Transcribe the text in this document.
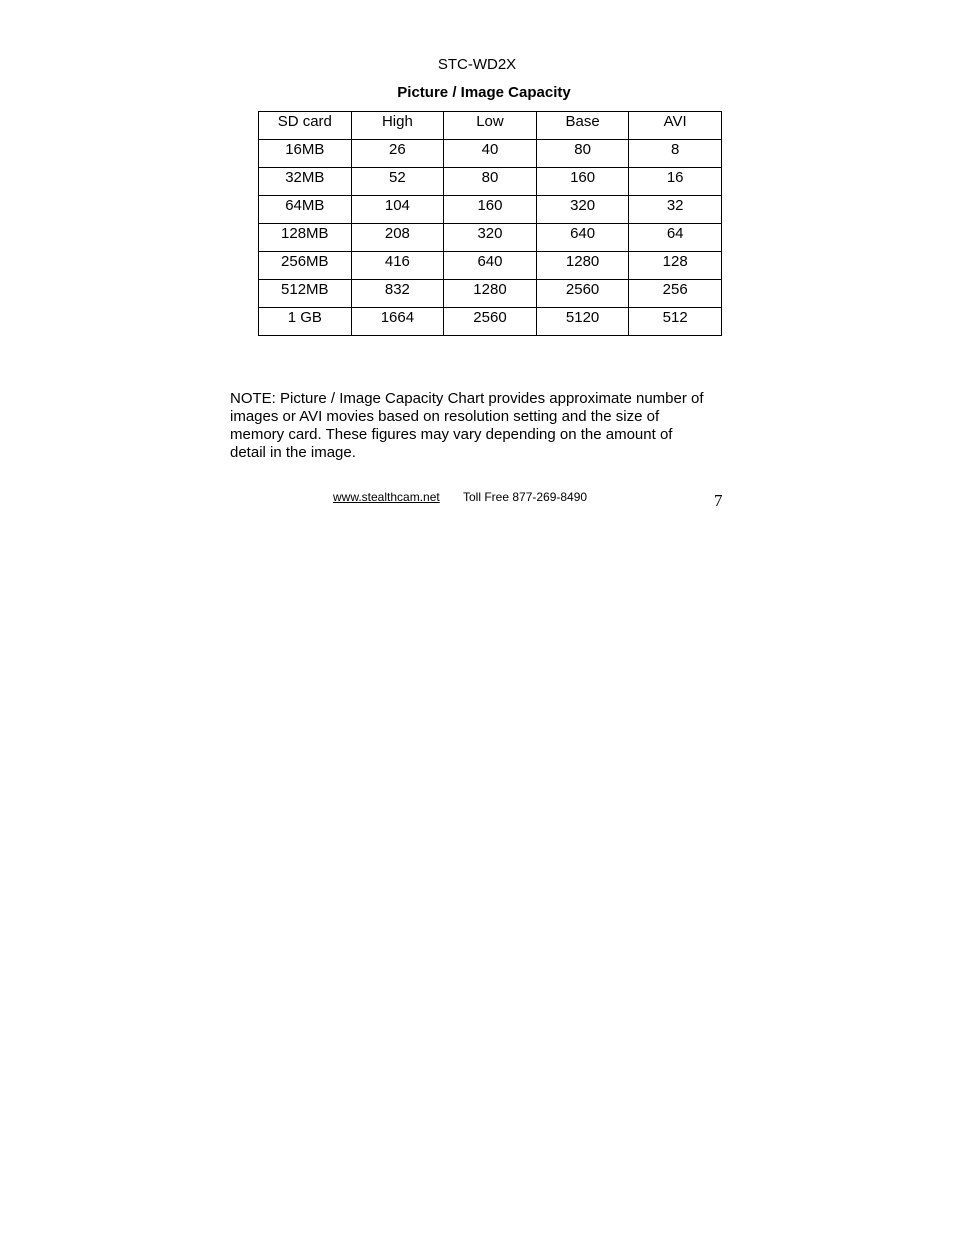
STC-WD2X
Picture / Image Capacity
SD card	High	Low	Base	AVI

16MB	26	40	80	8

32MB	52	80	160	16

64MB	104	160	320	32

128MB	208	320	640	64

256MB	416	640	1280	128

512MB	832	1280	2560	256

1 GB	1664	2560	5120	512
NOTE: Picture / Image Capacity Chart provides approximate number of
images or AVI movies based on resolution setting and the size of
memory card. These figures may vary depending on the amount of
detail in the image.
www.stealthcam.net Toll Free 877-269-8490	7
